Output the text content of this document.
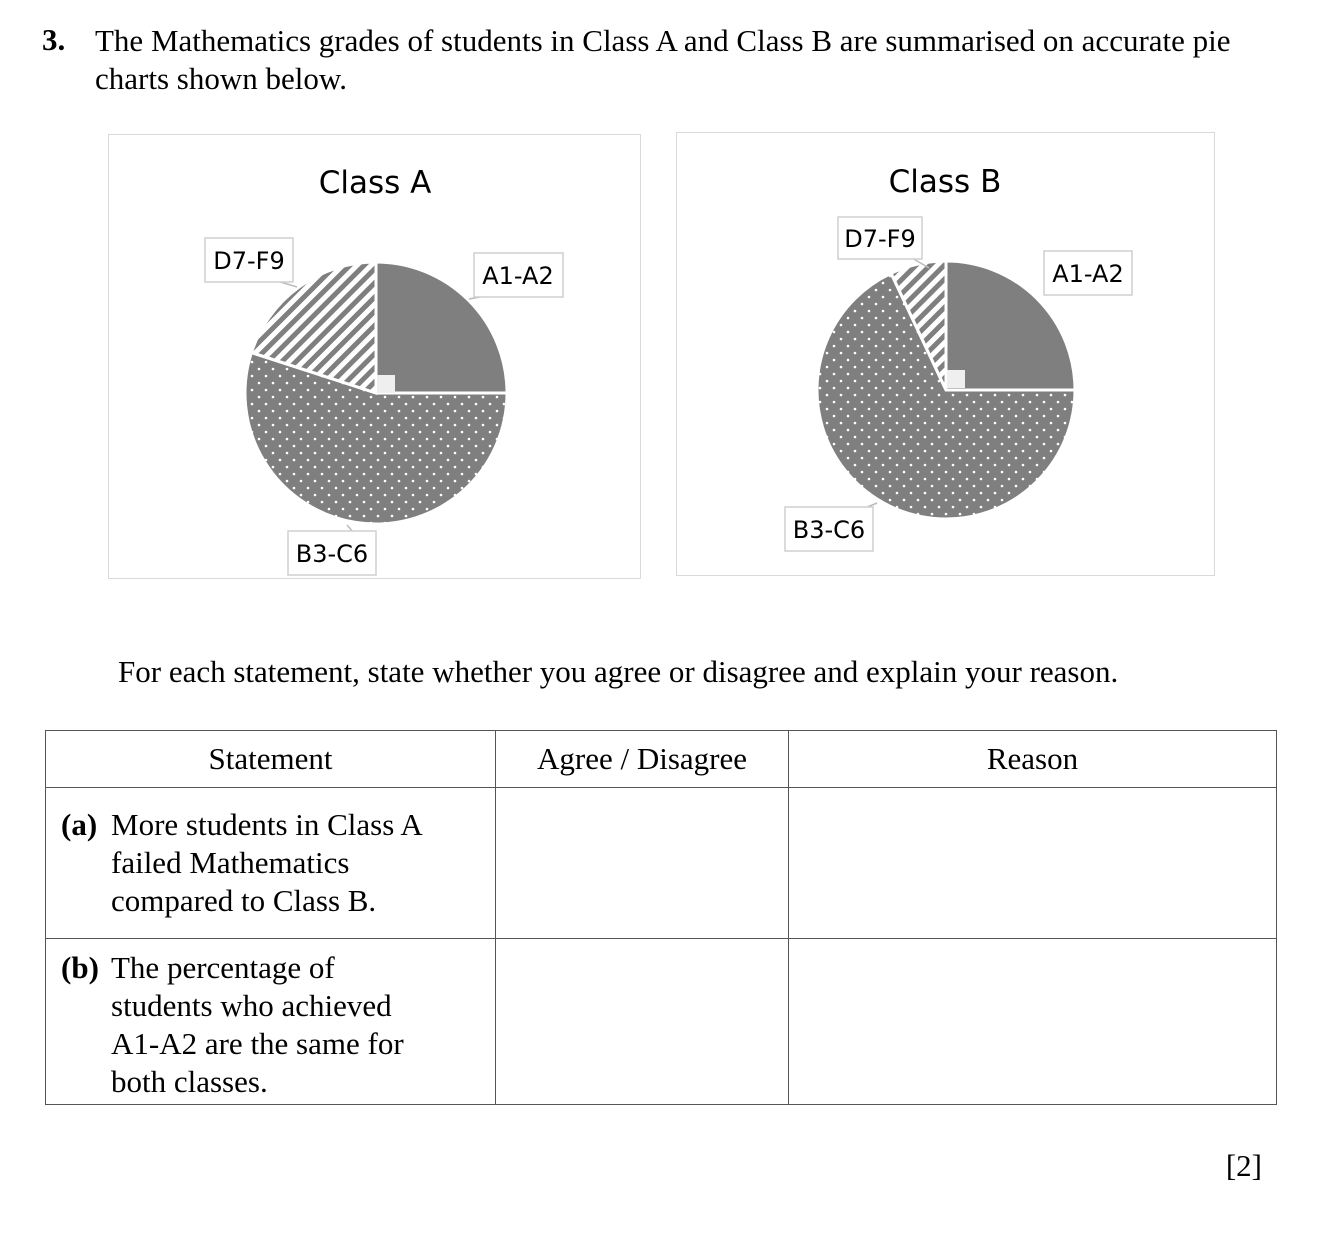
3. The Mathematics grades of students in Class A and Class B are summarised on accurate pie charts shown below.
Class A
D7-F9
A1-A2
B3-C6
Class B
D7-F9
A1-A2
B3-C6
For each statement, state whether you agree or disagree and explain your reason.
Statement	Agree / Disagree	Reason

(a) More students in Class A failed Mathematics compared to Class B.		

(b) The percentage of students who achieved A1-A2 are the same for both classes.		

[2]
